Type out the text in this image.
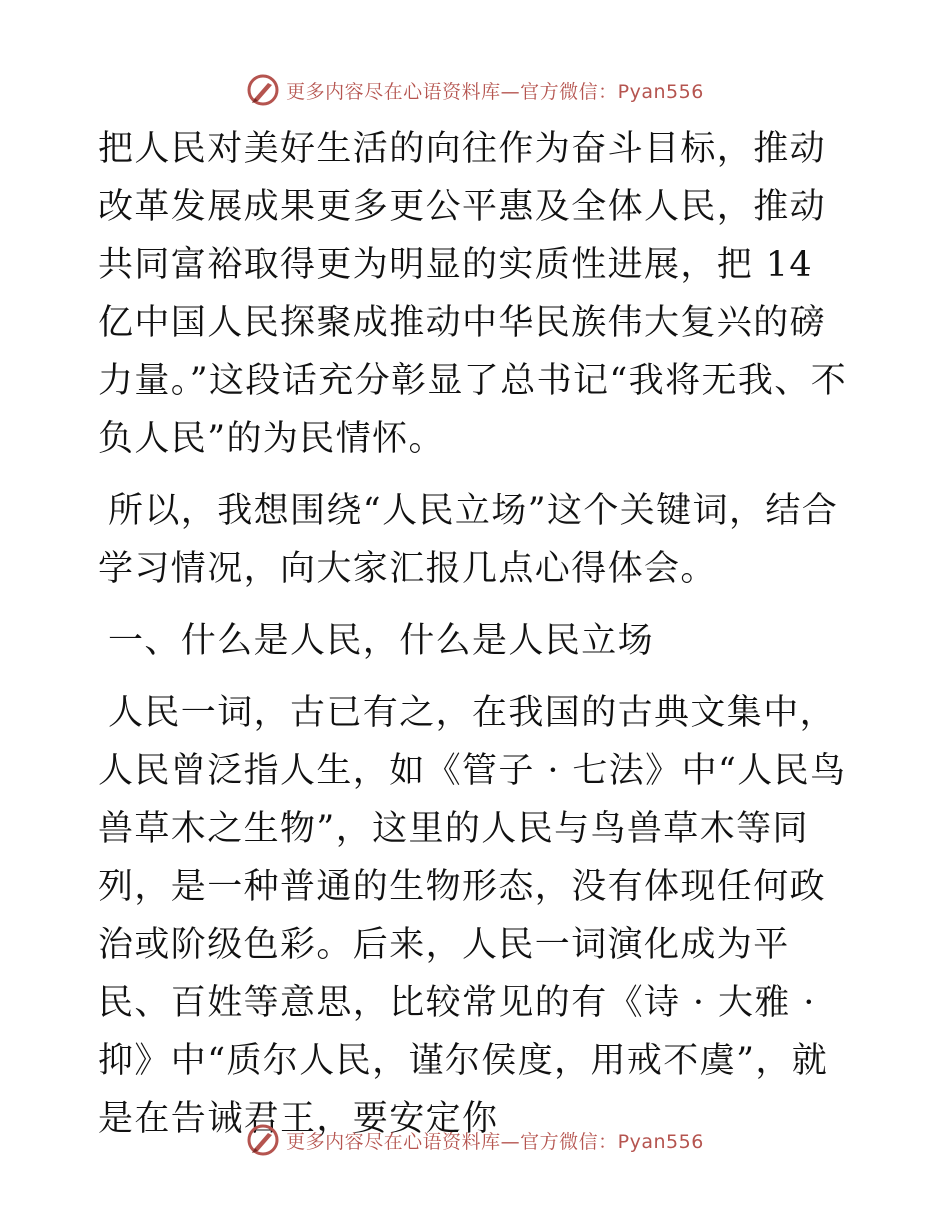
更多内容尽在心语资料库—官方微信：Pyan556

把人民对美好生活的向往作为奋斗目标，推动改革发展成果更多更公平惠及全体人民，推动共同富裕取得更为明显的实质性进展，把 14 亿中国人民探聚成推动中华民族伟大复兴的磅力量。”这段话充分彰显了总书记“我将无我、不负人民”的为民情怀。

所以，我想围绕“人民立场”这个关键词，结合学习情况，向大家汇报几点心得体会。

一、什么是人民，什么是人民立场

人民一词，古已有之，在我国的古典文集中，人民曾泛指人生，如《管子 · 七法》中“人民鸟兽草木之生物”，这里的人民与鸟兽草木等同列，是一种普通的生物形态，没有体现任何政治或阶级色彩。后来，人民一词演化成为平民、百姓等意思，比较常见的有《诗 · 大雅 · 抑》中“质尔人民，谨尔侯度，用戒不虞”，就是在告诫君王，要安定你

更多内容尽在心语资料库—官方微信：Pyan556
